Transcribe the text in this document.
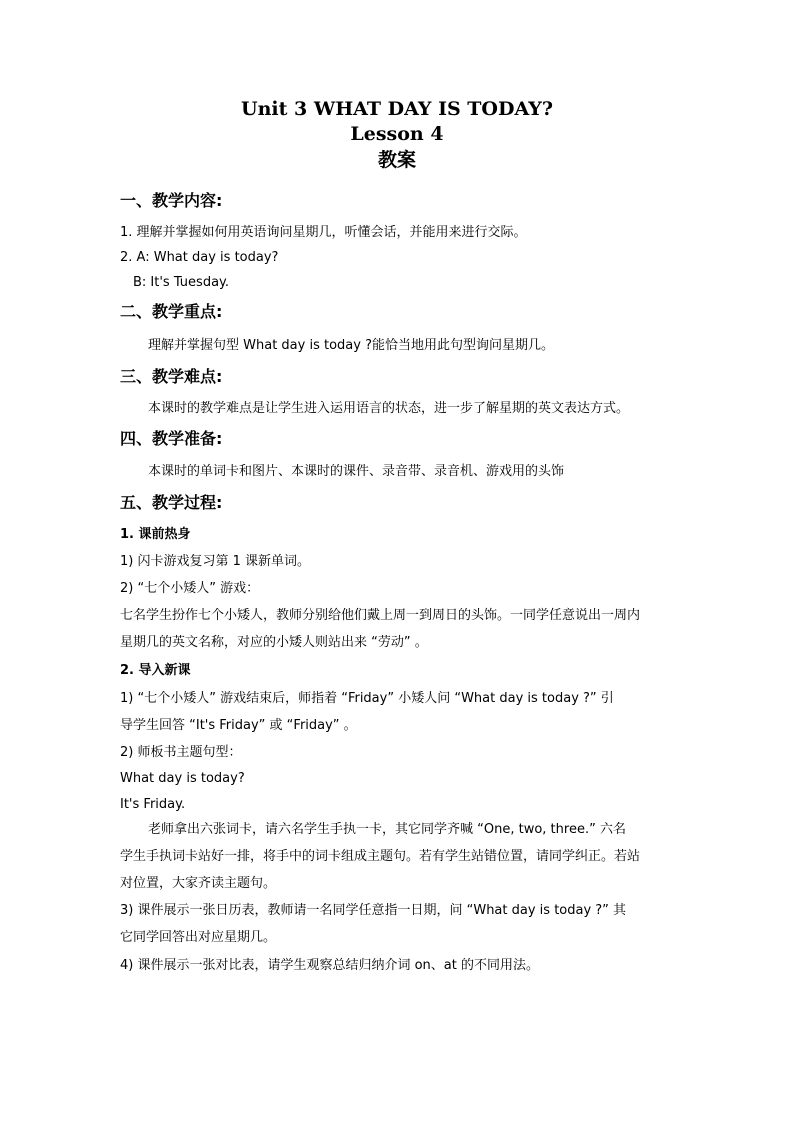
Unit 3 WHAT DAY IS TODAY?
Lesson 4
教案
一、教学内容:
1. 理解并掌握如何用英语询问星期几，听懂会话，并能用来进行交际。
2. A: What day is today?
B: It's Tuesday.
二、教学重点:
理解并掌握句型 What day is today ?能恰当地用此句型询问星期几。
三、教学难点:
本课时的教学难点是让学生进入运用语言的状态，进一步了解星期的英文表达方式。
四、教学准备:
本课时的单词卡和图片、本课时的课件、录音带、录音机、游戏用的头饰
五、教学过程:
1. 课前热身
1) 闪卡游戏复习第 1 课新单词。
2) “七个小矮人” 游戏：
七名学生扮作七个小矮人，教师分别给他们戴上周一到周日的头饰。一同学任意说出一周内
星期几的英文名称，对应的小矮人则站出来 “劳动” 。
2. 导入新课
1) “七个小矮人” 游戏结束后，师指着 “Friday” 小矮人问 “What day is today ?” 引
导学生回答 “It's Friday” 或 “Friday” 。
2) 师板书主题句型：
What day is today?
It's Friday.
老师拿出六张词卡，请六名学生手执一卡，其它同学齐喊 “One, two, three.” 六名
学生手执词卡站好一排，将手中的词卡组成主题句。若有学生站错位置，请同学纠正。若站
对位置，大家齐读主题句。
3) 课件展示一张日历表，教师请一名同学任意指一日期，问 “What day is today ?” 其
它同学回答出对应星期几。
4) 课件展示一张对比表，请学生观察总结归纳介词 on、at 的不同用法。
